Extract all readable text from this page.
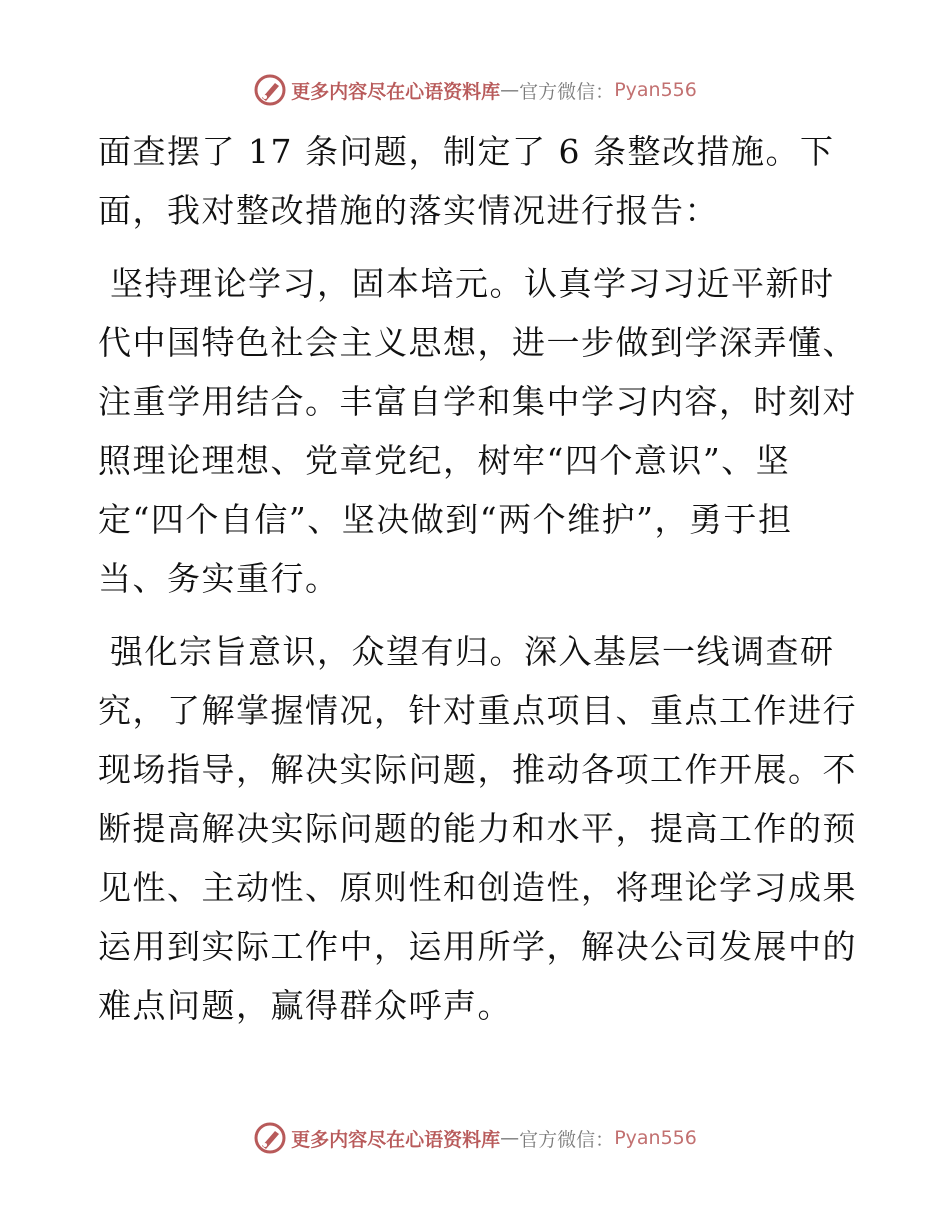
更多内容尽在心语资料库 — 官方微信： Pyan556

面查摆了 17 条问题，制定了 6 条整改措施。下
面，我对整改措施的落实情况进行报告：

坚持理论学习，固本培元。认真学习习近平新时
代中国特色社会主义思想，进一步做到学深弄懂、
注重学用结合。丰富自学和集中学习内容，时刻对
照理论理想、党章党纪，树牢“四个意识”、坚
定“四个自信”、坚决做到“两个维护”，勇于担
当、务实重行。

强化宗旨意识，众望有归。深入基层一线调查研
究，了解掌握情况，针对重点项目、重点工作进行
现场指导，解决实际问题，推动各项工作开展。不
断提高解决实际问题的能力和水平，提高工作的预
见性、主动性、原则性和创造性，将理论学习成果
运用到实际工作中，运用所学，解决公司发展中的
难点问题，赢得群众呼声。

更多内容尽在心语资料库 — 官方微信： Pyan556
